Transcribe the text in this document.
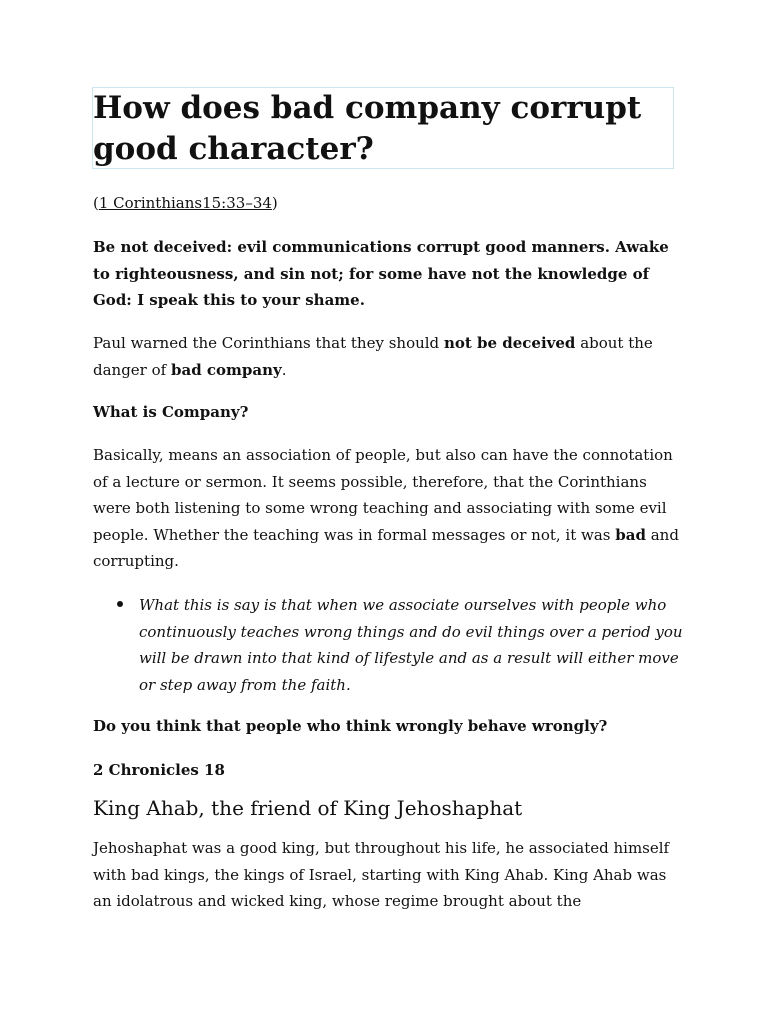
How does bad company corrupt good character?

(1 Corinthians15:33–34)

Be not deceived: evil communications corrupt good manners. Awake to righteousness, and sin not; for some have not the knowledge of God: I speak this to your shame.

Paul warned the Corinthians that they should not be deceived about the danger of bad company.

What is Company?

Basically, means an association of people, but also can have the connotation of a lecture or sermon. It seems possible, therefore, that the Corinthians were both listening to some wrong teaching and associating with some evil people. Whether the teaching was in formal messages or not, it was bad and corrupting.

What this is say is that when we associate ourselves with people who continuously teaches wrong things and do evil things over a period you will be drawn into that kind of lifestyle and as a result will either move or step away from the faith.

Do you think that people who think wrongly behave wrongly?

2 Chronicles 18

King Ahab, the friend of King Jehoshaphat

Jehoshaphat was a good king, but throughout his life, he associated himself with bad kings, the kings of Israel, starting with King Ahab. King Ahab was an idolatrous and wicked king, whose regime brought about the
